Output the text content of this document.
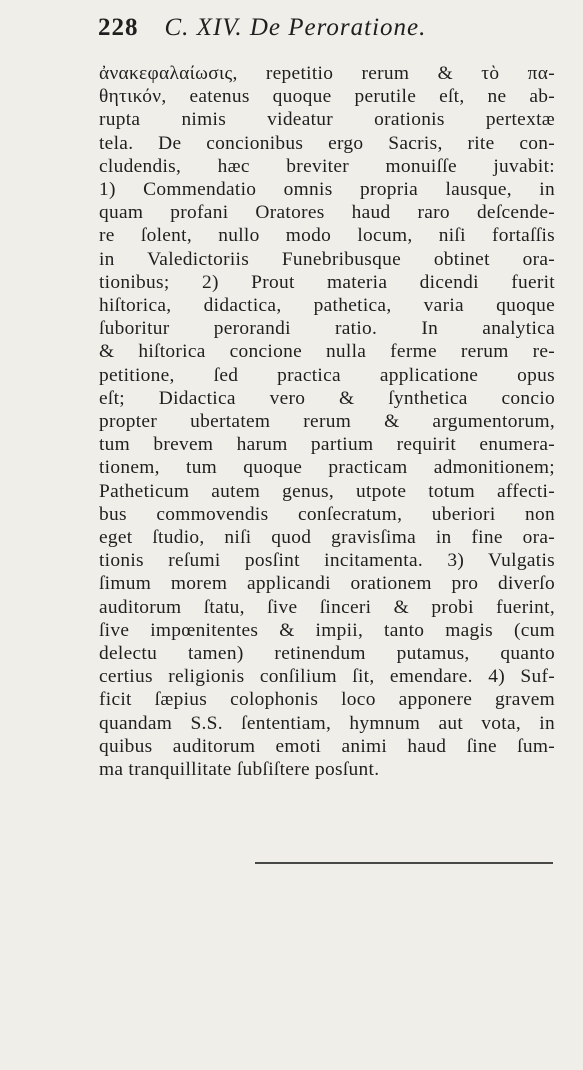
228 C. XIV. De Peroratione.
ἀνακεφαλαίωσις, repetitio rerum & τὸ πα-
θητικόν, eatenus quoque perutile eſt, ne ab-
rupta nimis videatur orationis pertextæ
tela. De concionibus ergo Sacris, rite con-
cludendis, hæc breviter monuiſſe juvabit:
1) Commendatio omnis propria lausque, in
quam profani Oratores haud raro deſcende-
re ſolent, nullo modo locum, niſi fortaſſis
in Valedictoriis Funebribusque obtinet ora-
tionibus; 2) Prout materia dicendi fuerit
hiſtorica, didactica, pathetica, varia quoque
ſuboritur perorandi ratio. In analytica
& hiſtorica concione nulla ferme rerum re-
petitione, ſed practica applicatione opus
eſt; Didactica vero & ſynthetica concio
propter ubertatem rerum & argumentorum,
tum brevem harum partium requirit enumera-
tionem, tum quoque practicam admonitionem;
Patheticum autem genus, utpote totum affecti-
bus commovendis conſecratum, uberiori non
eget ſtudio, niſi quod gravisſima in fine ora-
tionis reſumi posſint incitamenta. 3) Vulgatis
ſimum morem applicandi orationem pro diverſo
auditorum ſtatu, ſive ſinceri & probi fuerint,
ſive impœnitentes & impii, tanto magis (cum
delectu tamen) retinendum putamus, quanto
certius religionis conſilium ſit, emendare. 4) Suf-
ficit ſæpius colophonis loco apponere gravem
quandam S.S. ſententiam, hymnum aut vota, in
quibus auditorum emoti animi haud ſine ſum-
ma tranquillitate ſubſiſtere posſunt.
